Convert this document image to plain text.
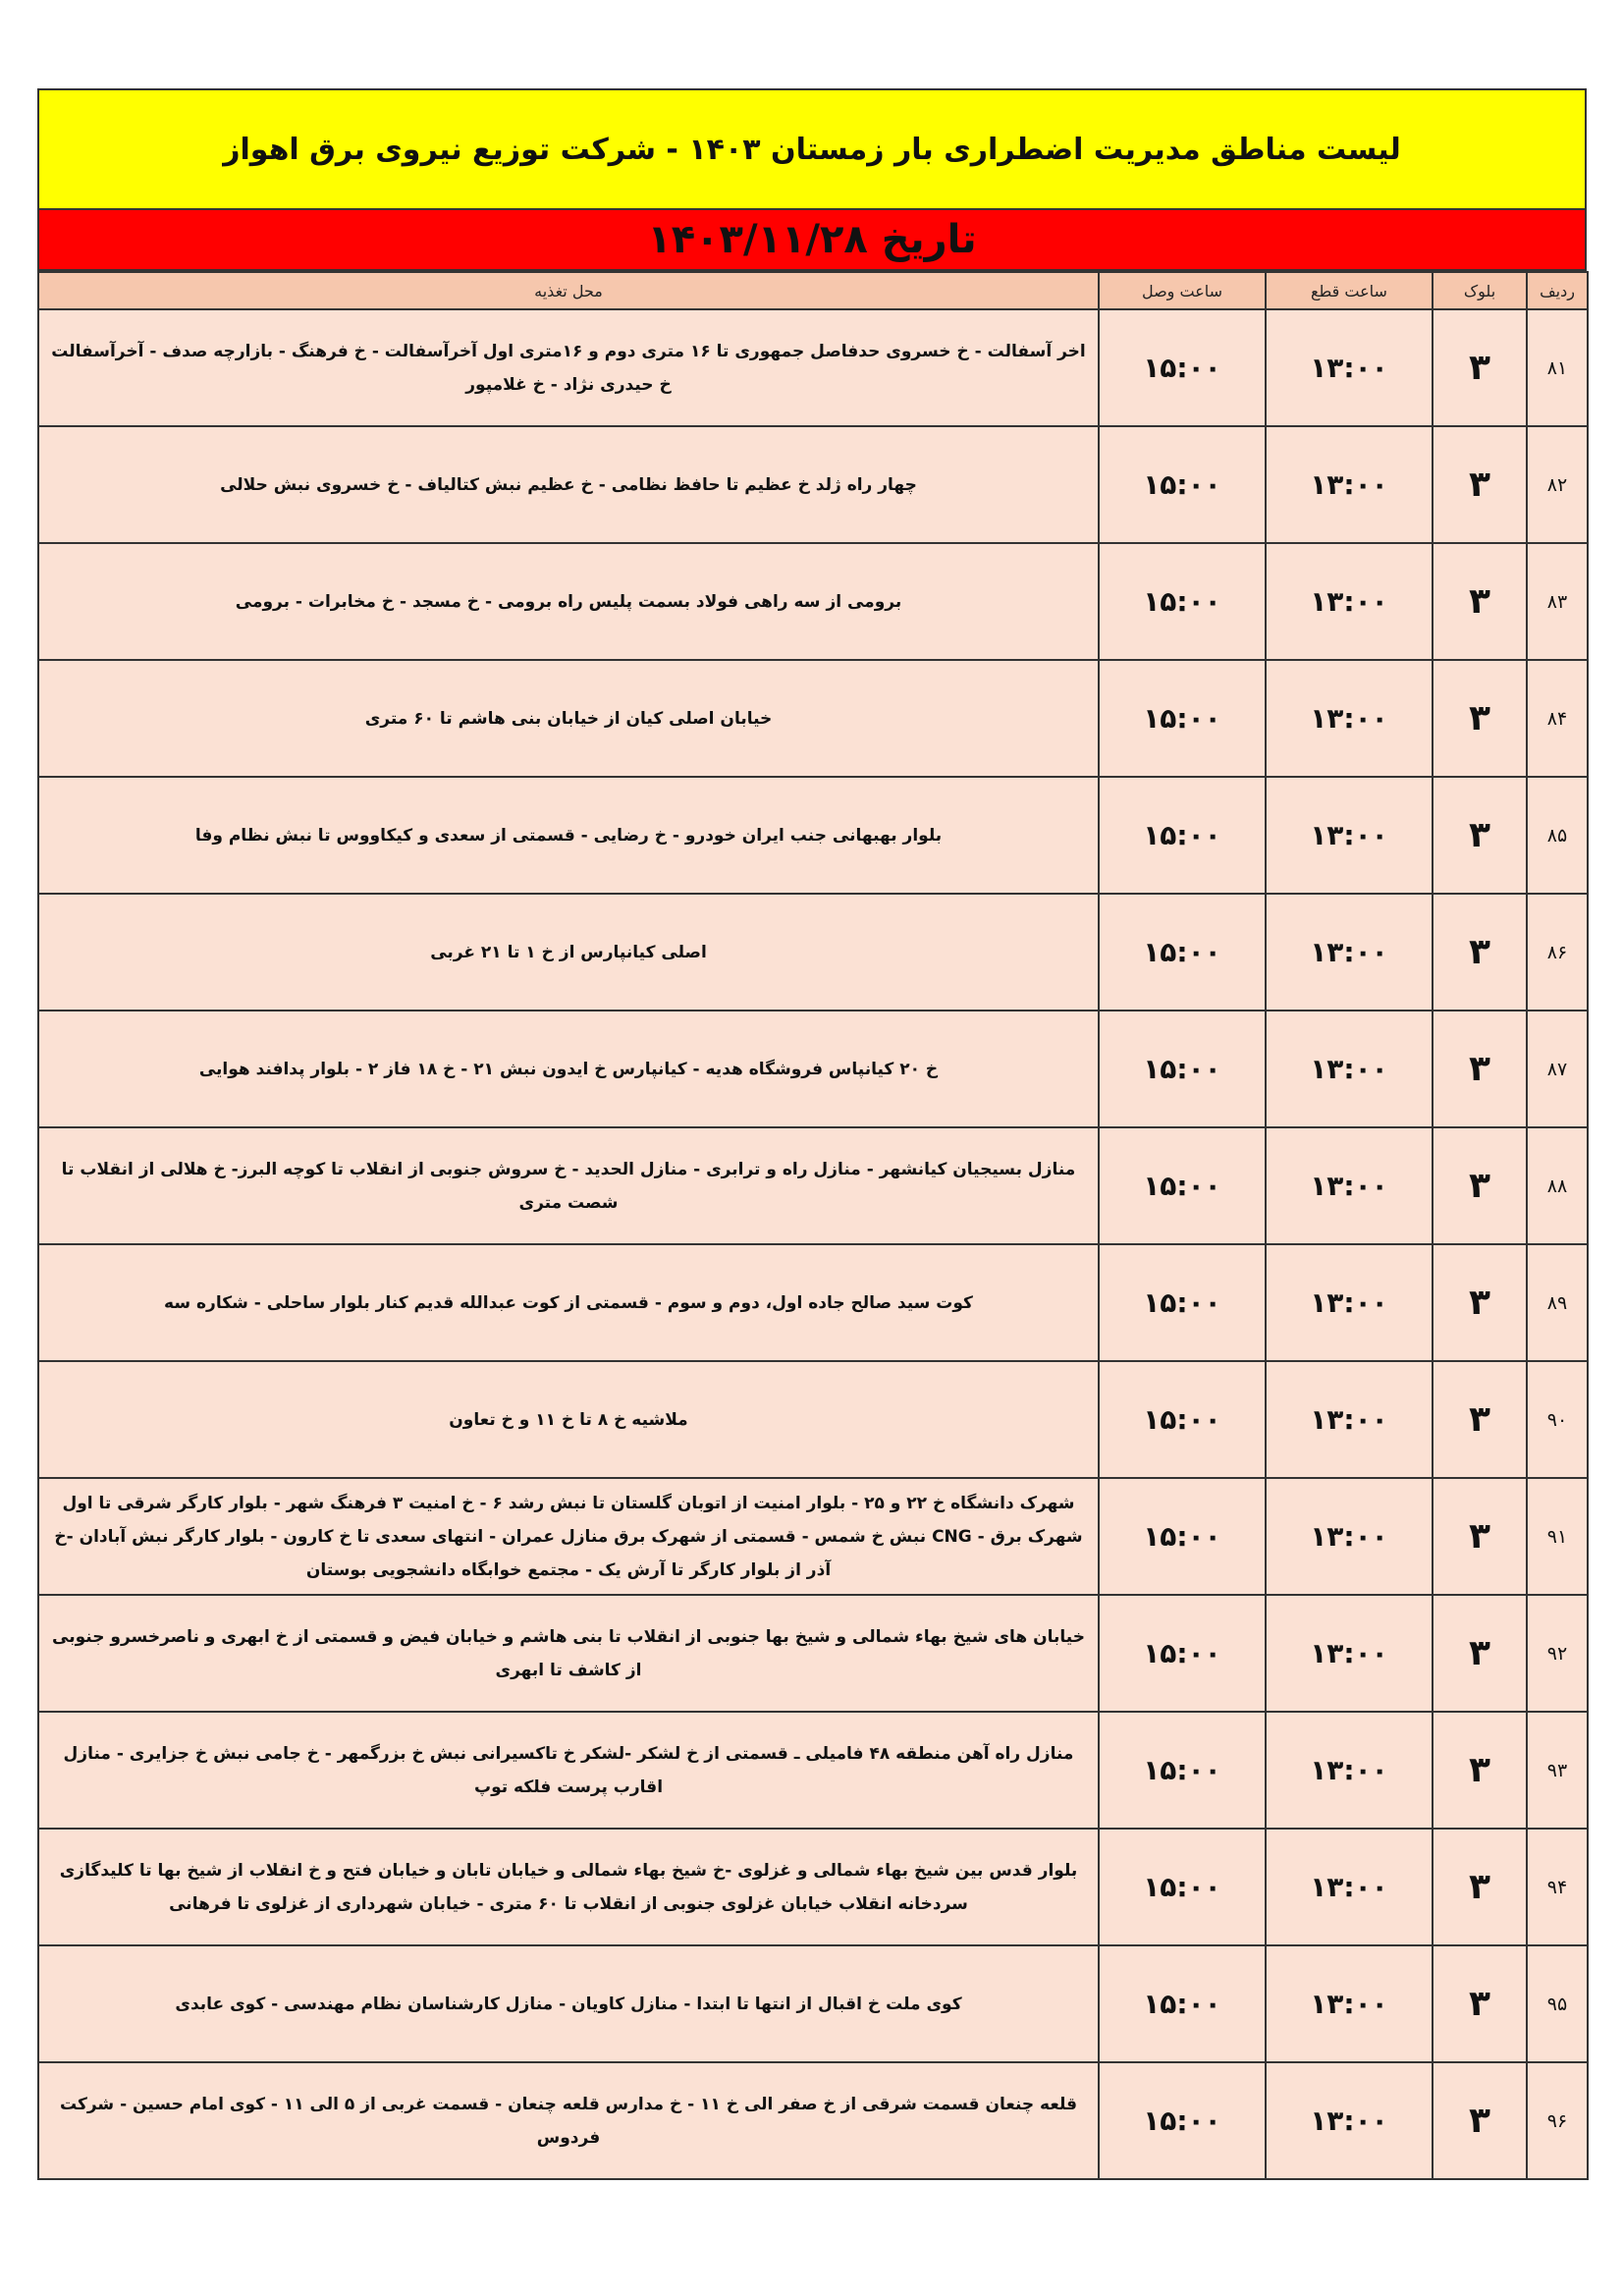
لیست مناطق مدیریت اضطراری بار زمستان ۱۴۰۳ - شرکت توزیع نیروی برق اهواز
تاریخ ۱۴۰۳/۱۱/۲۸
ردیف	بلوک	ساعت قطع	ساعت وصل	محل تغذیه
۸۱	۳	۱۳:۰۰	۱۵:۰۰	اخر آسفالت - خ خسروی حدفاصل جمهوری تا ۱۶ متری دوم و ۱۶متری اول آخرآسفالت - خ فرهنگ - بازارچه صدف - آخرآسفالت خ حیدری نژاد - خ غلامپور
۸۲	۳	۱۳:۰۰	۱۵:۰۰	چهار راه ژلد خ عظیم تا حافظ نظامی - خ عظیم نبش کتالیاف - خ خسروی نبش حلالی
۸۳	۳	۱۳:۰۰	۱۵:۰۰	برومی از سه راهی فولاد بسمت پلیس راه برومی - خ مسجد - خ مخابرات - برومی
۸۴	۳	۱۳:۰۰	۱۵:۰۰	خیابان اصلی کیان از خیابان بنی هاشم تا ۶۰ متری
۸۵	۳	۱۳:۰۰	۱۵:۰۰	بلوار بهبهانی جنب ایران خودرو - خ رضایی - قسمتی از سعدی و کیکاووس تا نبش نظام وفا
۸۶	۳	۱۳:۰۰	۱۵:۰۰	اصلی کیانپارس از خ ۱ تا ۲۱ غربی
۸۷	۳	۱۳:۰۰	۱۵:۰۰	خ ۲۰ کیانپاس فروشگاه هدیه - کیانپارس خ ایدون نبش ۲۱ - خ ۱۸ فاز ۲ - بلوار پدافند هوایی
۸۸	۳	۱۳:۰۰	۱۵:۰۰	منازل بسیجیان کیانشهر - منازل راه و ترابری - منازل الحدید - خ سروش جنوبی از انقلاب تا کوچه البرز- خ هلالی از انقلاب تا شصت متری
۸۹	۳	۱۳:۰۰	۱۵:۰۰	کوت سید صالح جاده اول، دوم و سوم - قسمتی از کوت عبدالله قدیم کنار بلوار ساحلی - شکاره سه
۹۰	۳	۱۳:۰۰	۱۵:۰۰	ملاشیه خ ۸ تا خ ۱۱ و خ تعاون
۹۱	۳	۱۳:۰۰	۱۵:۰۰	شهرک دانشگاه خ ۲۲ و ۲۵ - بلوار امنیت از اتوبان گلستان تا نبش رشد ۶ - خ امنیت ۳ فرهنگ شهر - بلوار کارگر شرقی تا اول شهرک برق - CNG نبش خ شمس - قسمتی از شهرک برق منازل عمران - انتهای سعدی تا خ کارون - بلوار کارگر نبش آبادان -خ آذر از بلوار کارگر تا آرش یک - مجتمع خوابگاه دانشجویی بوستان
۹۲	۳	۱۳:۰۰	۱۵:۰۰	خیابان های شیخ بهاء شمالی و شیخ بها جنوبی از انقلاب تا بنی هاشم و خیابان فیض و قسمتی از خ ابهری و ناصرخسرو جنوبی از کاشف تا ابهری
۹۳	۳	۱۳:۰۰	۱۵:۰۰	منازل راه آهن منطقه ۴۸ فامیلی ـ قسمتی از خ لشکر -لشکر خ تاکسیرانی نبش خ بزرگمهر - خ جامی نبش خ جزایری - منازل اقارب پرست فلکه توپ
۹۴	۳	۱۳:۰۰	۱۵:۰۰	بلوار قدس بین شیخ بهاء شمالی و غزلوی -خ شیخ بهاء شمالی و خیابان تابان و خیابان فتح و خ انقلاب از شیخ بها تا کلیدگازی سردخانه انقلاب خیابان غزلوی جنوبی از انقلاب تا ۶۰ متری - خیابان شهرداری از غزلوی تا فرهانی
۹۵	۳	۱۳:۰۰	۱۵:۰۰	کوی ملت خ اقبال از انتها تا ابتدا - منازل کاویان - منازل کارشناسان نظام مهندسی - کوی عابدی
۹۶	۳	۱۳:۰۰	۱۵:۰۰	قلعه چنعان قسمت شرقی از خ صفر الی خ ۱۱ - خ مدارس قلعه چنعان - قسمت غربی از ۵ الی ۱۱ - کوی امام حسین - شرکت فردوس
